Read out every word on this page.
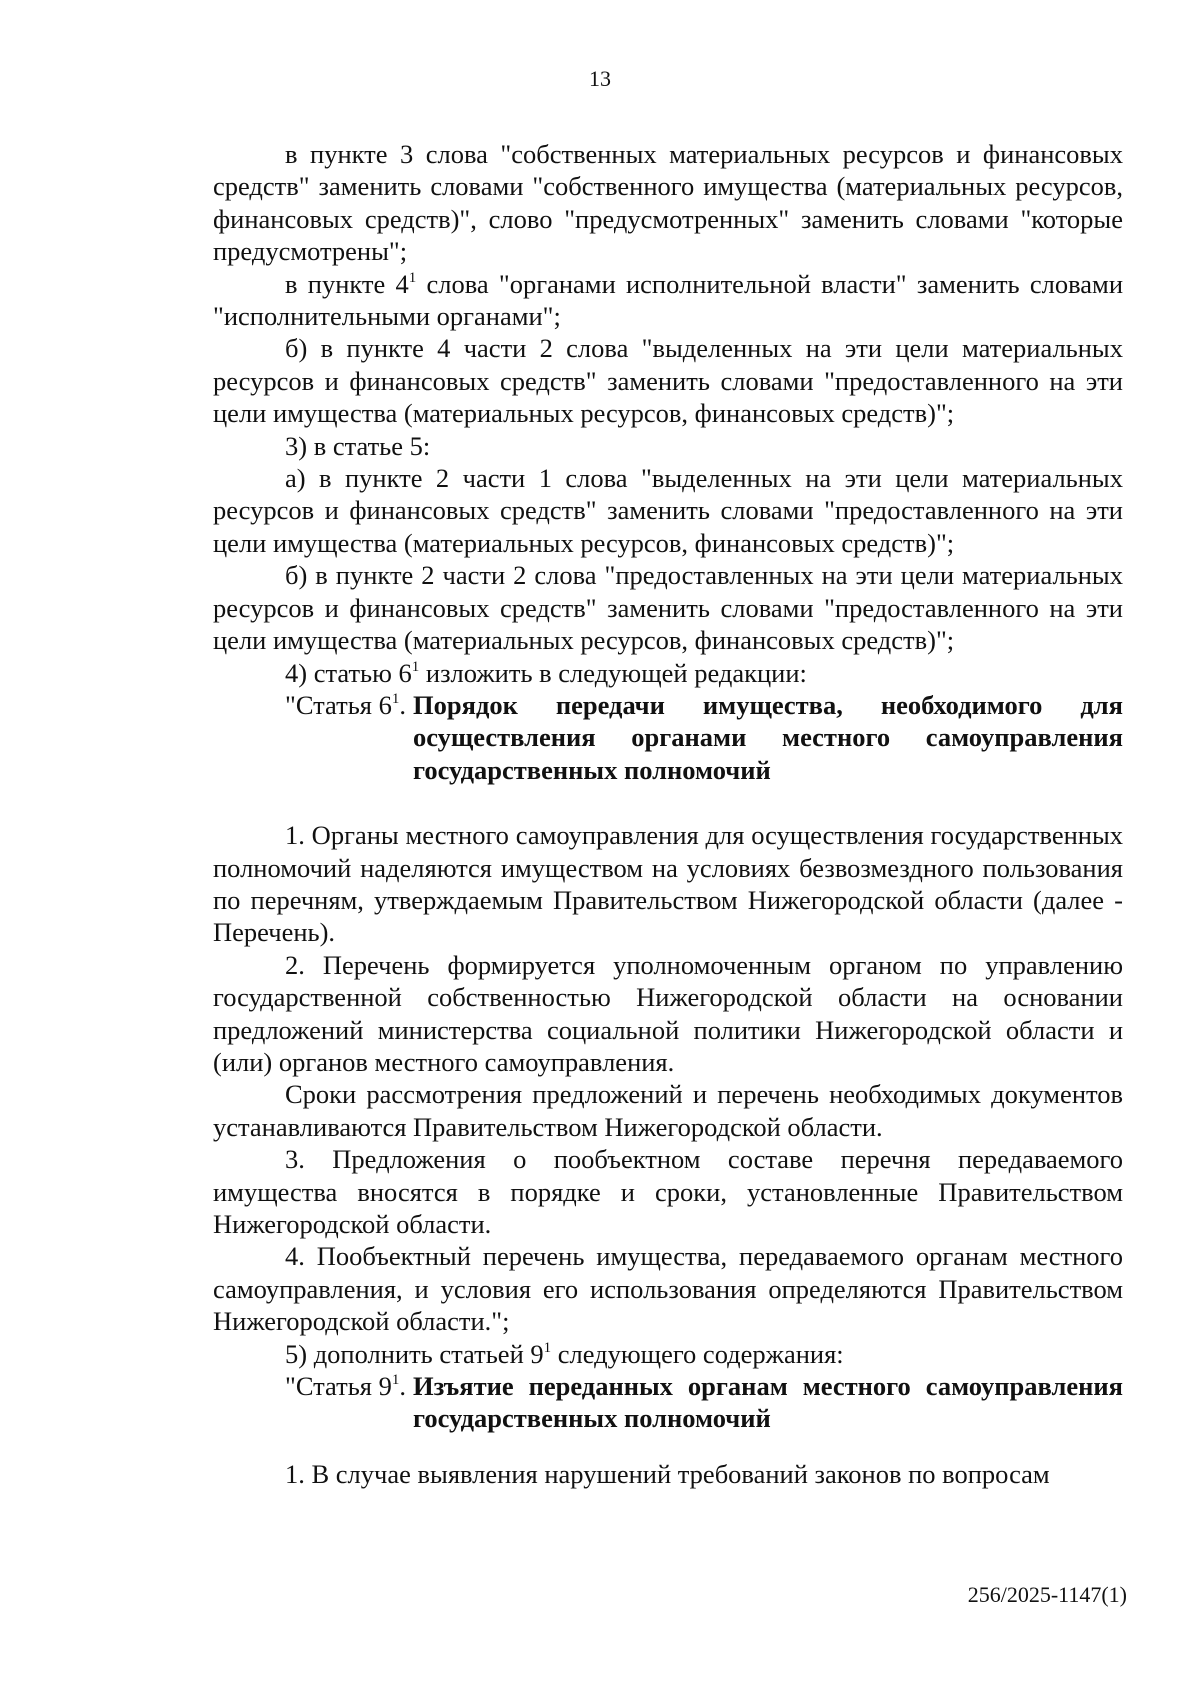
13

в пункте 3 слова "собственных материальных ресурсов и финансовых средств" заменить словами "собственного имущества (материальных ресурсов, финансовых средств)", слово "предусмотренных" заменить словами "которые предусмотрены";

в пункте $4^1$ слова "органами исполнительной власти" заменить словами "исполнительными органами";

б) в пункте 4 части 2 слова "выделенных на эти цели материальных ресурсов и финансовых средств" заменить словами "предоставленного на эти цели имущества (материальных ресурсов, финансовых средств)";

3) в статье 5:

а) в пункте 2 части 1 слова "выделенных на эти цели материальных ресурсов и финансовых средств" заменить словами "предоставленного на эти цели имущества (материальных ресурсов, финансовых средств)";

б) в пункте 2 части 2 слова "предоставленных на эти цели материальных ресурсов и финансовых средств" заменить словами "предоставленного на эти цели имущества (материальных ресурсов, финансовых средств)";

4) статью $6^1$ изложить в следующей редакции:

"Статья $6^1$. Порядок передачи имущества, необходимого для осуществления органами местного самоуправления государственных полномочий

1. Органы местного самоуправления для осуществления государственных полномочий наделяются имуществом на условиях безвозмездного пользования по перечням, утверждаемым Правительством Нижегородской области (далее - Перечень).

2. Перечень формируется уполномоченным органом по управлению государственной собственностью Нижегородской области на основании предложений министерства социальной политики Нижегородской области и (или) органов местного самоуправления.

Сроки рассмотрения предложений и перечень необходимых документов устанавливаются Правительством Нижегородской области.

3. Предложения о пообъектном составе перечня передаваемого имущества вносятся в порядке и сроки, установленные Правительством Нижегородской области.

4. Пообъектный перечень имущества, передаваемого органам местного самоуправления, и условия его использования определяются Правительством Нижегородской области.";

5) дополнить статьей $9^1$ следующего содержания:

"Статья $9^1$. Изъятие переданных органам местного самоуправления государственных полномочий

1. В случае выявления нарушений требований законов по вопросам

256/2025-1147(1)
